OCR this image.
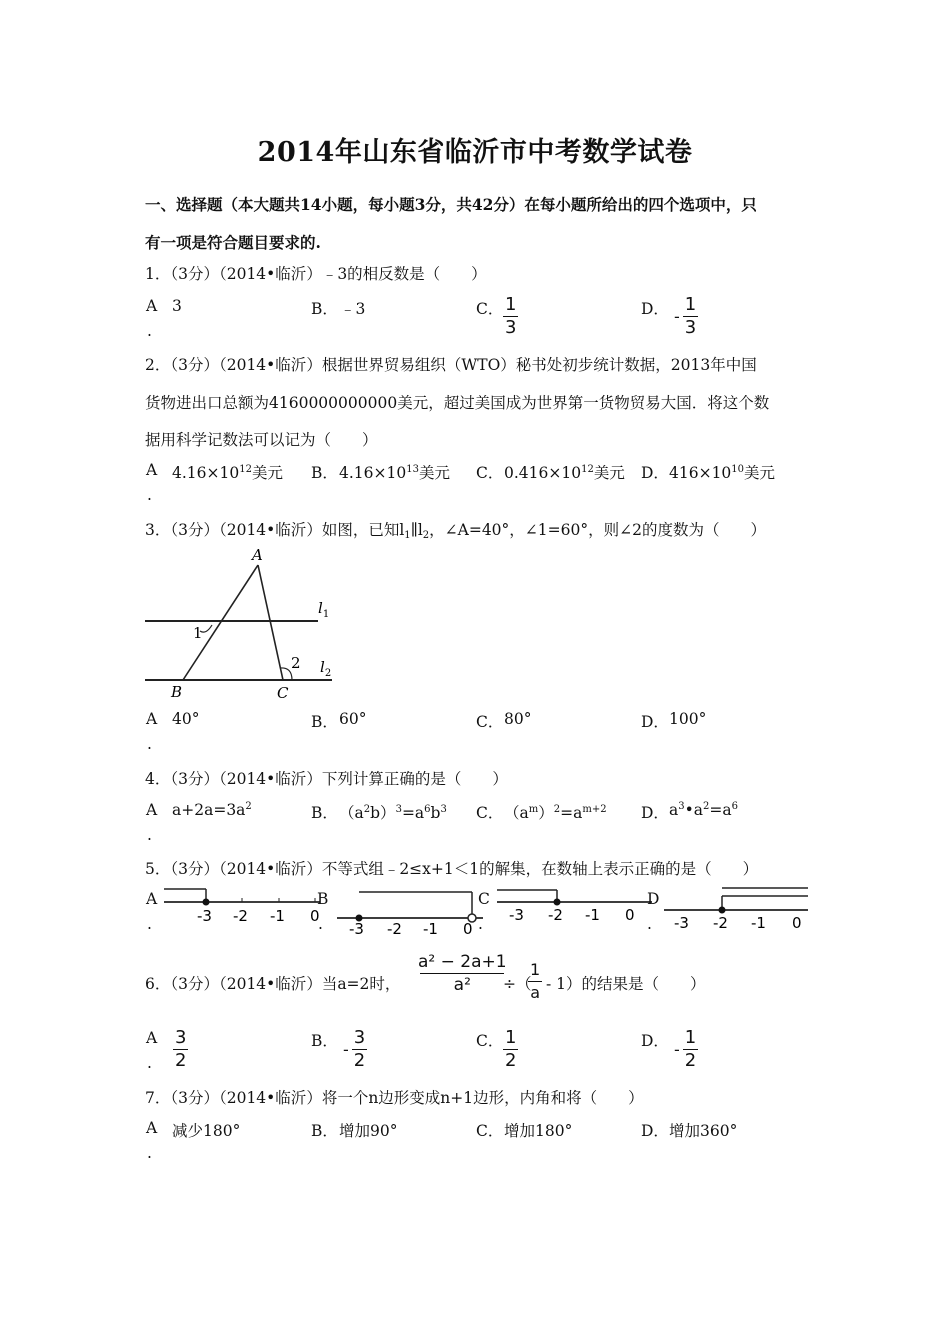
2014年山东省临沂市中考数学试卷
一、选择题（本大题共14小题，每小题3分，共42分）在每小题所给出的四个选项中，只
有一项是符合题目要求的.
1．（3分）（2014•临沂）﹣3的相反数是（　　）
A 3
.
B． ﹣3	C． $\frac{1}{3}$	D． - $\frac{1}{3}$
2．（3分）（2014•临沂）根据世界贸易组织（WTO）秘书处初步统计数据，2013年中国
货物进出口总额为4160000000000美元，超过美国成为世界第一货物贸易大国．将这个数
据用科学记数法可以记为（　　）
A $4.16\times 10^{12}$美元
.
B． $4.16\times 10^{13}$美元 C． $0.416\times 10^{12}$美元 D． $416\times 10^{10}$美元
3．（3分）（2014•临沂）如图，已知$l_1\parallel l_2$，∠A=40°，∠1=60°，则∠2的度数为（　　）
A
B	C
1
2
$l_1$
$l_2$
A 40°
.
B． 60°	C． 80°	D． 100°
4．（3分）（2014•临沂）下列计算正确的是（　　）
A $a+2a=3a^2$
.
B． $(a^2b)^3=a^6b^3$ C． $(a^m)^2=a^{m+2}$ D． $a^3•a^2=a^6$
5．（3分）（2014•临沂）不等式组﹣2≤x+1＜1的解集，在数轴上表示正确的是（　　）
A
.	-3 -2 -1 0
B
. -3 -2 -1 0
C
. -3 -2 -1 0
D
. -3 -2 -1 0
6．（3分）（2014•临沂）当a=2时， $\frac{\text{a² − 2a+1}}{\text{a²}}$
÷（
$\frac{1}{a} - 1$）的结果是（　　）
A
. $\frac{3}{2}$	B． - $\frac{3}{2}$	C． $\frac{1}{2}$	D． - $\frac{1}{2}$
7．（3分）（2014•临沂）将一个n边形变成n+1边形，内角和将（　　）
A 减少180°
.
B． 增加90°	C． 增加180°	D． 增加360°
